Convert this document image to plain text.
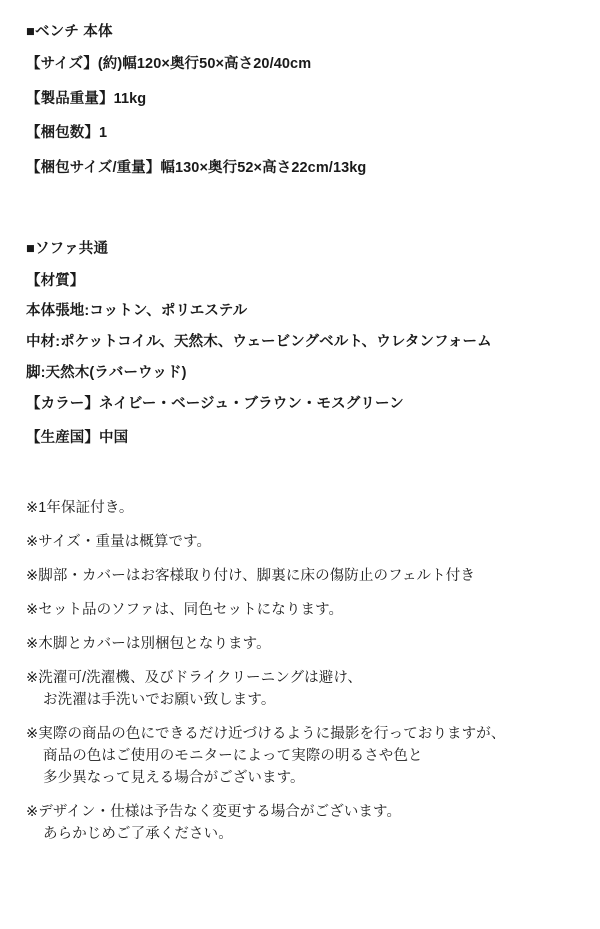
■ベンチ 本体
【サイズ】(約)幅120×奥行50×高さ20/40cm
【製品重量】11kg
【梱包数】1
【梱包サイズ/重量】幅130×奥行52×高さ22cm/13kg
■ソファ共通
【材質】
本体張地:コットン、ポリエステル
中材:ポケットコイル、天然木、ウェービングベルト、ウレタンフォーム
脚:天然木(ラバーウッド)
【カラー】ネイビー・ベージュ・ブラウン・モスグリーン
【生産国】中国
※1年保証付き。
※サイズ・重量は概算です。
※脚部・カバーはお客様取り付け、脚裏に床の傷防止のフェルト付き
※セット品のソファは、同色セットになります。
※木脚とカバーは別梱包となります。
※洗濯可/洗濯機、及びドライクリーニングは避け、
お洗濯は手洗いでお願い致します。
※実際の商品の色にできるだけ近づけるように撮影を行っておりますが、
商品の色はご使用のモニターによって実際の明るさや色と
多少異なって見える場合がございます。
※デザイン・仕様は予告なく変更する場合がございます。
あらかじめご了承ください。
